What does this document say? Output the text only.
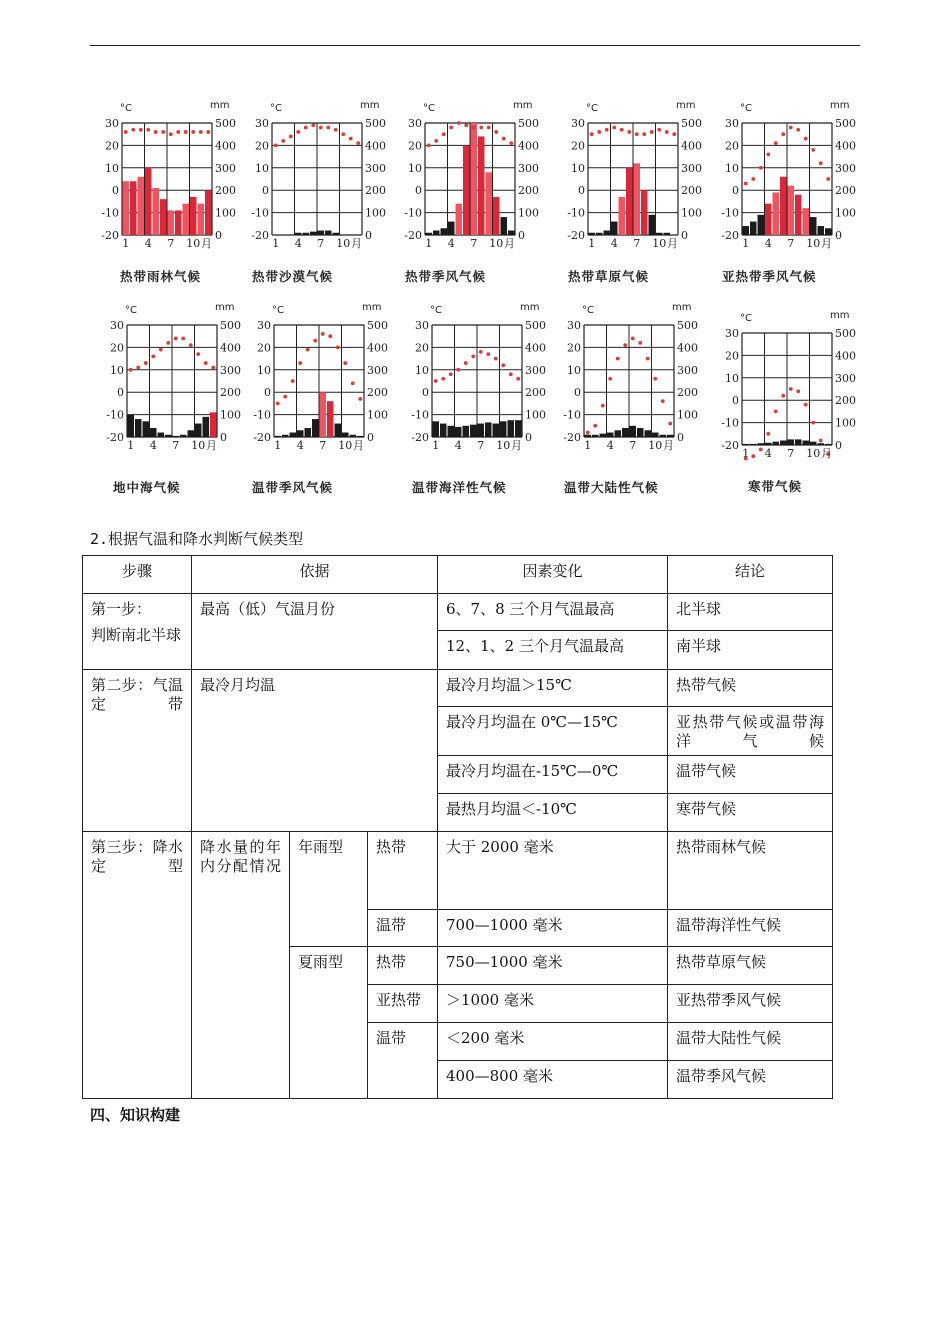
30
20
10
0
-10
-20
500
400
300
200
100
0
1 4 7 10 月
°C	mm
热带雨林气候
30
20
10
0
-10
-20
500
400
300
200
100
0
1 4 7 10 月
°C	mm
热带沙漠气候
30
20
10
0
-10
-20
500
400
300
200
100
0
1 4 7 10 月
°C	mm
热带季风气候
30
20
10
0
-10
-20
500
400
300
200
100
0
1 4 7 10 月
°C	mm
热带草原气候
30
20
10
0
-10
-20
500
400
300
200
100
0
1 4 7 10 月
°C	mm
亚热带季风气候
30
20
10
0
-10
-20
500
400
300
200
100
0
1 4 7 10 月
°C	mm
地中海气候
30
20
10
0
-10
-20
500
400
300
200
100
0
1 4 7 10 月
°C	mm
温带季风气候
30
20
10
0
-10
-20
500
400
300
200
100
0
1 4 7 10 月
°C	mm
温带海洋性气候
30
20
10
0
-10
-20
500
400
300
200
100
0
1 4 7 10 月
°C	mm
温带大陆性气候
30
20
10
0
-10
-20
500
400
300
200
100
0
1 4 7 10 月
°C	mm
寒带气候
2.根据气温和降水判断气候类型
步骤	依据			因素变化	结论

第一步：
判断南北半球	最高（低）气温月份			6、7、8 三个月气温最高	北半球
				12、1、2 三个月气温最高	南半球

第二步：气温定带	最冷月均温			最冷月均温＞15℃	热带气候
				最冷月均温在 0℃—15℃	亚热带气候或温带海洋气候

				最冷月均温在-15℃—0℃	温带气候
				最热月均温＜-10℃	寒带气候

第三步：降水定型	降水量的年内分配情况	年雨型	热带	大于 2000 毫米	热带雨林气候
			温带	700—1000 毫米	温带海洋性气候
		夏雨型	热带	750—1000 毫米	热带草原气候
			亚热带	＞1000 毫米	亚热带季风气候
			温带	＜200 毫米	温带大陆性气候
				400—800 毫米	温带季风气候
四、知识构建
